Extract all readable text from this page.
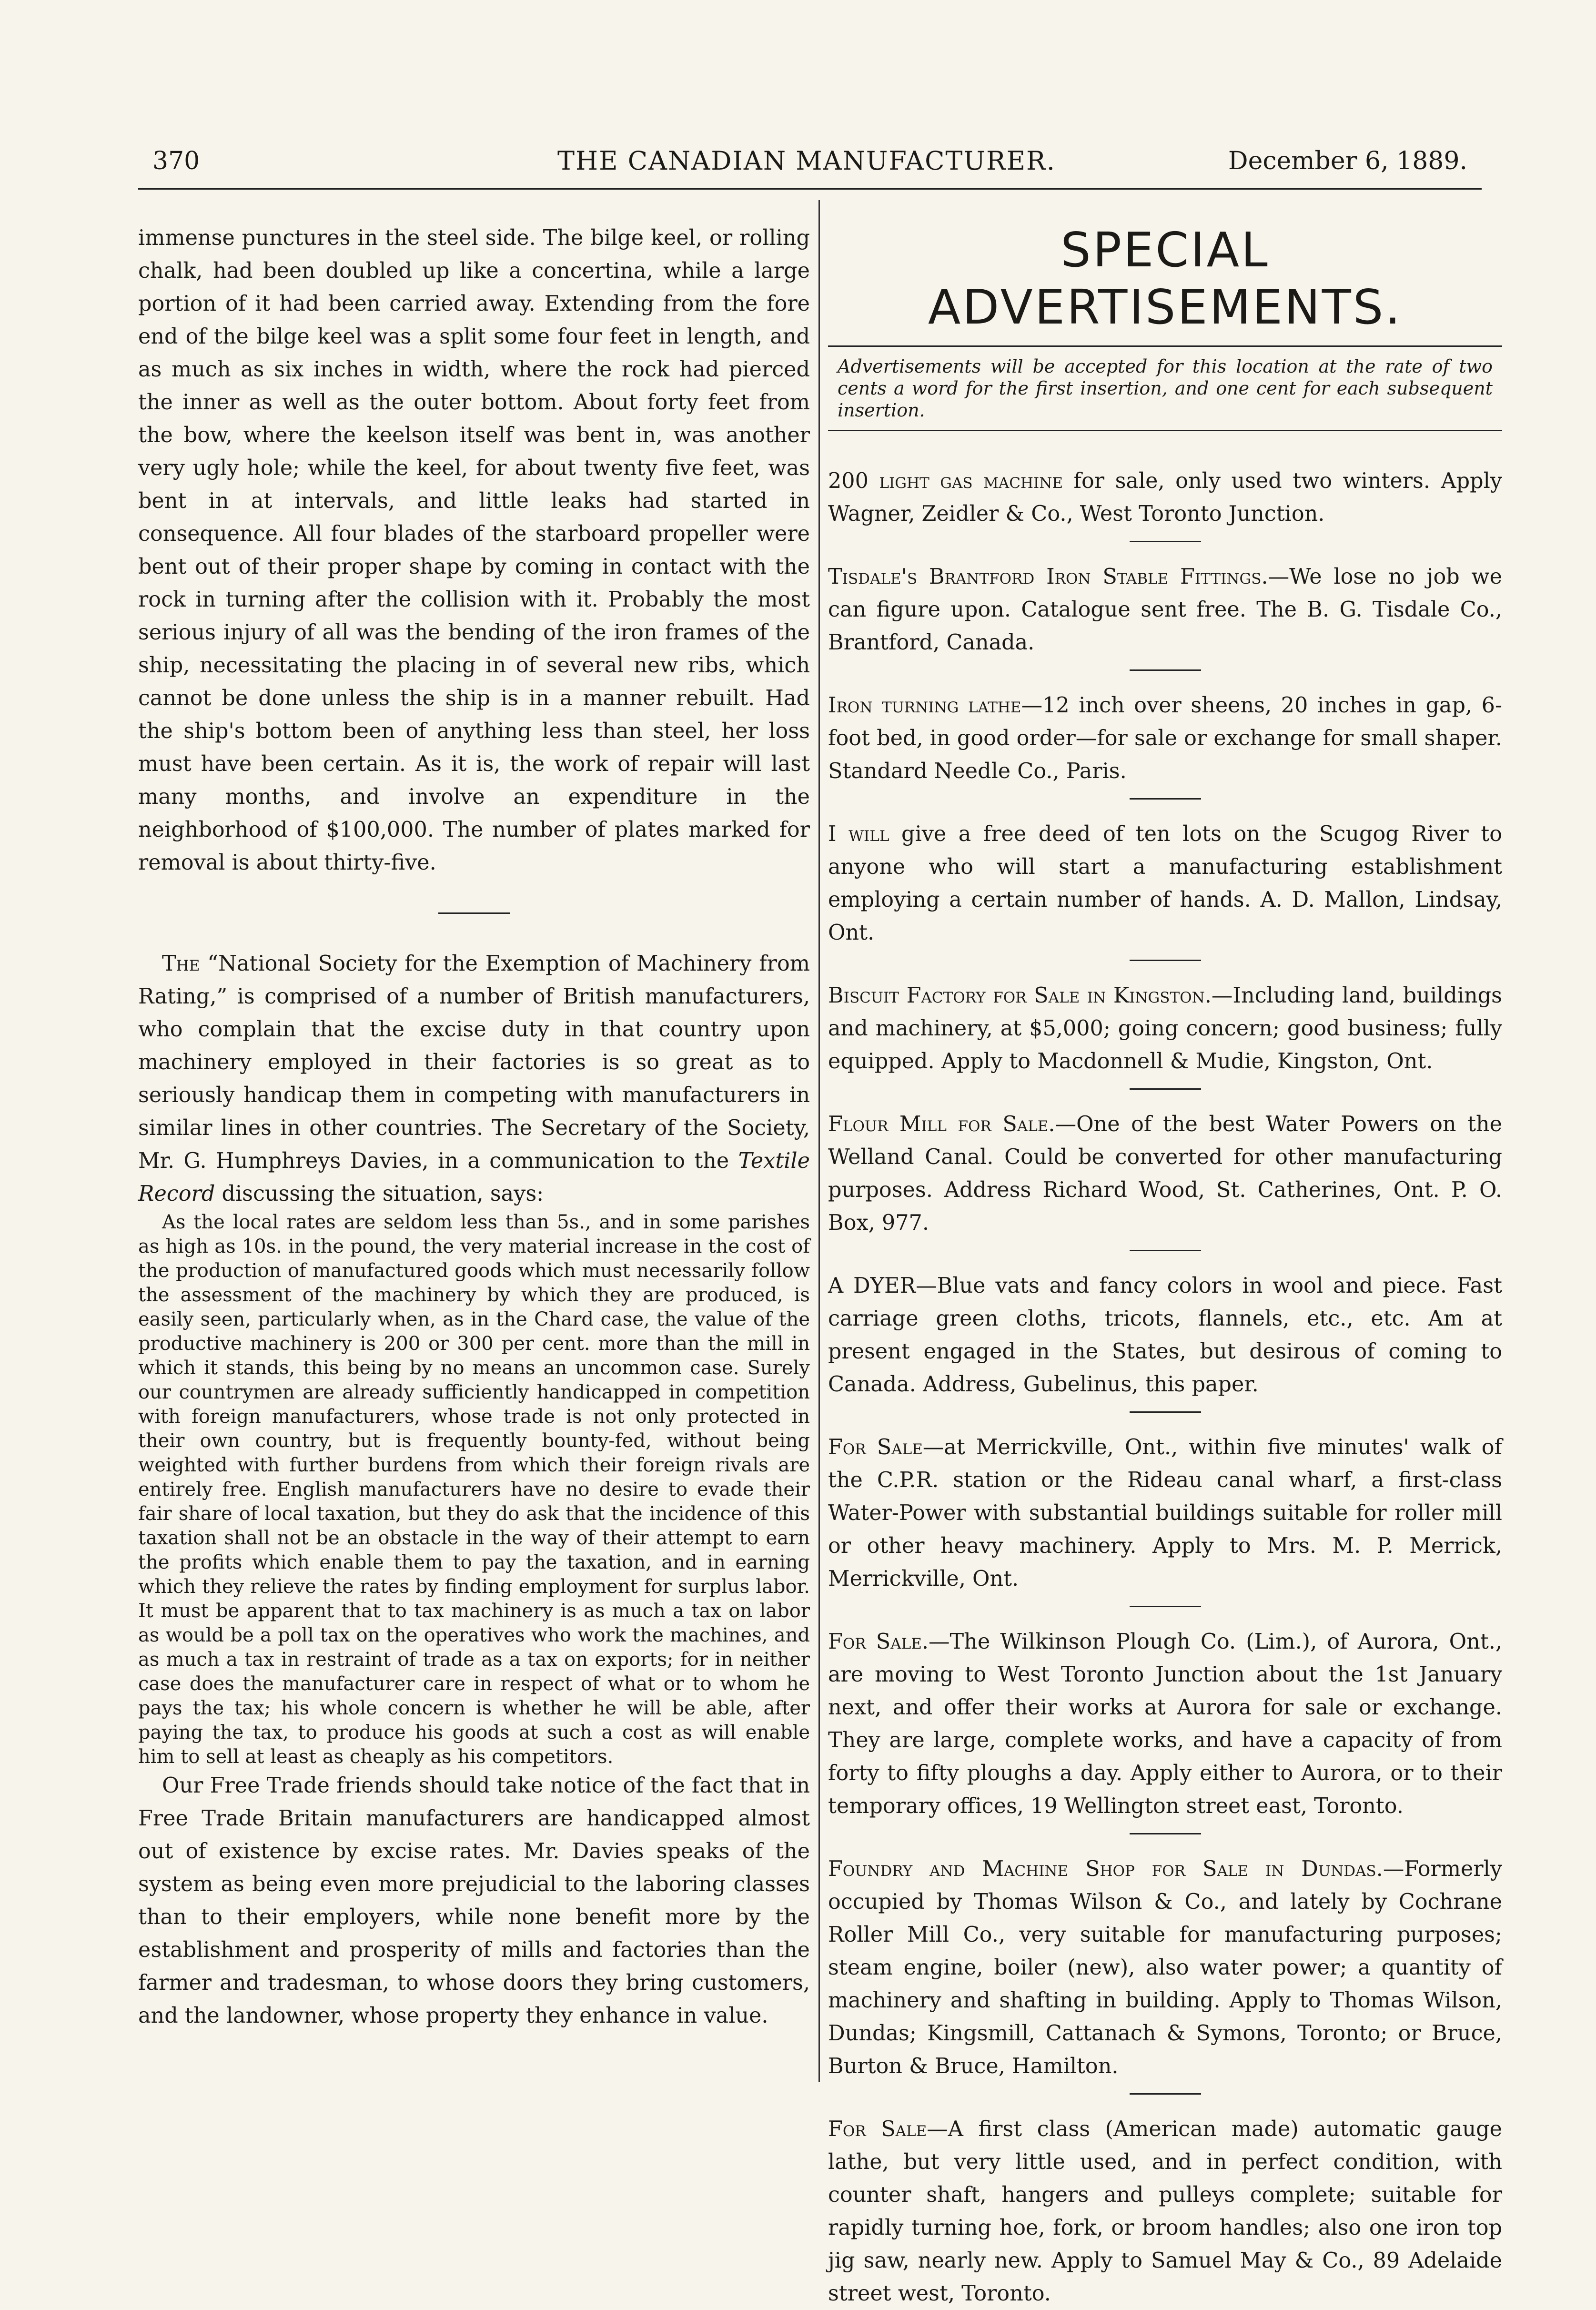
370	THE CANADIAN MANUFACTURER.	December 6, 1889.

immense punctures in the steel side. The bilge keel, or rolling chalk, had been doubled up like a concertina, while a large portion of it had been carried away. Extending from the fore end of the bilge keel was a split some four feet in length, and as much as six inches in width, where the rock had pierced the inner as well as the outer bottom. About forty feet from the bow, where the keelson itself was bent in, was another very ugly hole; while the keel, for about twenty five feet, was bent in at intervals, and little leaks had started in consequence. All four blades of the starboard propeller were bent out of their proper shape by coming in contact with the rock in turning after the collision with it. Probably the most serious injury of all was the bending of the iron frames of the ship, necessitating the placing in of several new ribs, which cannot be done unless the ship is in a manner rebuilt. Had the ship's bottom been of anything less than steel, her loss must have been certain. As it is, the work of repair will last many months, and involve an expenditure in the neighborhood of $100,000. The number of plates marked for removal is about thirty-five.

The “National Society for the Exemption of Machinery from Rating,” is comprised of a number of British manufacturers, who complain that the excise duty in that country upon machinery employed in their factories is so great as to seriously handicap them in competing with manufacturers in similar lines in other countries. The Secretary of the Society, Mr. G. Humphreys Davies, in a communication to the Textile Record discussing the situation, says:

As the local rates are seldom less than 5s., and in some parishes as high as 10s. in the pound, the very material increase in the cost of the production of manufactured goods which must necessarily follow the assessment of the machinery by which they are produced, is easily seen, particularly when, as in the Chard case, the value of the productive machinery is 200 or 300 per cent. more than the mill in which it stands, this being by no means an uncommon case. Surely our countrymen are already sufficiently handicapped in competition with foreign manufacturers, whose trade is not only protected in their own country, but is frequently bounty-fed, without being weighted with further burdens from which their foreign rivals are entirely free. English manufacturers have no desire to evade their fair share of local taxation, but they do ask that the incidence of this taxation shall not be an obstacle in the way of their attempt to earn the profits which enable them to pay the taxation, and in earning which they relieve the rates by finding employment for surplus labor. It must be apparent that to tax machinery is as much a tax on labor as would be a poll tax on the operatives who work the machines, and as much a tax in restraint of trade as a tax on exports; for in neither case does the manufacturer care in respect of what or to whom he pays the tax; his whole concern is whether he will be able, after paying the tax, to produce his goods at such a cost as will enable him to sell at least as cheaply as his competitors.

Our Free Trade friends should take notice of the fact that in Free Trade Britain manufacturers are handicapped almost out of existence by excise rates. Mr. Davies speaks of the system as being even more prejudicial to the laboring classes than to their employers, while none benefit more by the establishment and prosperity of mills and factories than the farmer and tradesman, to whose doors they bring customers, and the landowner, whose property they enhance in value.

SPECIAL ADVERTISEMENTS.

Advertisements will be accepted for this location at the rate of two cents a word for the first insertion, and one cent for each subsequent insertion.

200 light gas machine for sale, only used two winters. Apply Wagner, Zeidler & Co., West Toronto Junction.

Tisdale's Brantford Iron Stable Fittings.—We lose no job we can figure upon. Catalogue sent free. The B. G. Tisdale Co., Brantford, Canada.

Iron turning lathe—12 inch over sheens, 20 inches in gap, 6-foot bed, in good order—for sale or exchange for small shaper. Standard Needle Co., Paris.

I will give a free deed of ten lots on the Scugog River to anyone who will start a manufacturing establishment employing a certain number of hands. A. D. Mallon, Lindsay, Ont.

Biscuit Factory for Sale in Kingston.—Including land, buildings and machinery, at $5,000; going concern; good business; fully equipped. Apply to Macdonnell & Mudie, Kingston, Ont.

Flour Mill for Sale.—One of the best Water Powers on the Welland Canal. Could be converted for other manufacturing purposes. Address Richard Wood, St. Catherines, Ont. P. O. Box, 977.

A DYER—Blue vats and fancy colors in wool and piece. Fast carriage green cloths, tricots, flannels, etc., etc. Am at present engaged in the States, but desirous of coming to Canada. Address, Gubelinus, this paper.

For Sale—at Merrickville, Ont., within five minutes' walk of the C.P.R. station or the Rideau canal wharf, a first-class Water-Power with substantial buildings suitable for roller mill or other heavy machinery. Apply to Mrs. M. P. Merrick, Merrickville, Ont.

For Sale.—The Wilkinson Plough Co. (Lim.), of Aurora, Ont., are moving to West Toronto Junction about the 1st January next, and offer their works at Aurora for sale or exchange. They are large, complete works, and have a capacity of from forty to fifty ploughs a day. Apply either to Aurora, or to their temporary offices, 19 Wellington street east, Toronto.

Foundry and Machine Shop for Sale in Dundas.—Formerly occupied by Thomas Wilson & Co., and lately by Cochrane Roller Mill Co., very suitable for manufacturing purposes; steam engine, boiler (new), also water power; a quantity of machinery and shafting in building. Apply to Thomas Wilson, Dundas; Kingsmill, Cattanach & Symons, Toronto; or Bruce, Burton & Bruce, Hamilton.

For Sale—A first class (American made) automatic gauge lathe, but very little used, and in perfect condition, with counter shaft, hangers and pulleys complete; suitable for rapidly turning hoe, fork, or broom handles; also one iron top jig saw, nearly new. Apply to Samuel May & Co., 89 Adelaide street west, Toronto.
